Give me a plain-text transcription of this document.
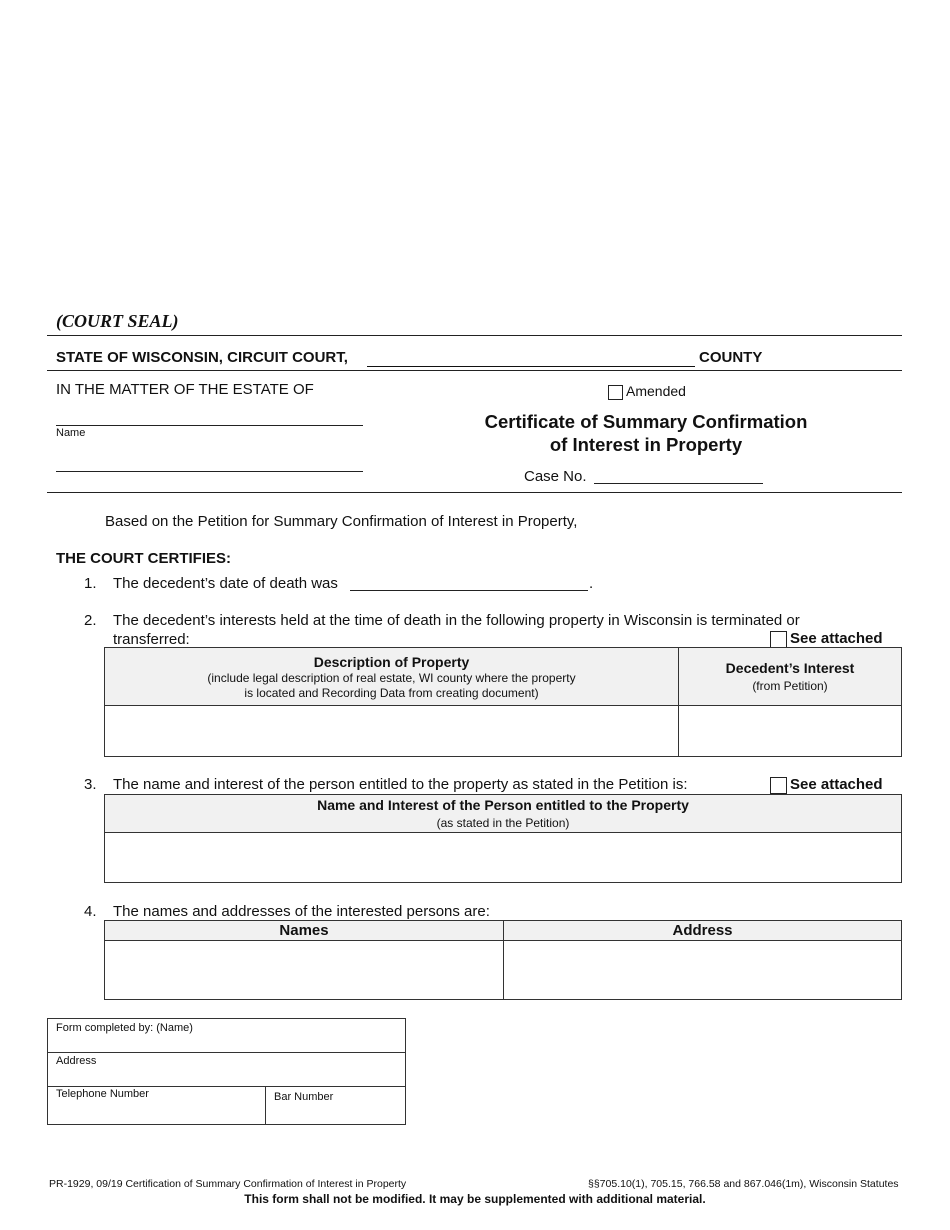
(COURT SEAL)
STATE OF WISCONSIN, CIRCUIT COURT,	COUNTY
IN THE MATTER OF THE ESTATE OF
Name
Amended
Certificate of Summary Confirmation
of Interest in Property
Case No.
Based on the Petition for Summary Confirmation of Interest in Property,
THE COURT CERTIFIES:
1. The decedent’s date of death was	.
2. The decedent’s interests held at the time of death in the following property in Wisconsin is terminated or
transferred:	See attached
Description of Property
(include legal description of real estate, WI county where the property
is located and Recording Data from creating document)
Decedent’s Interest
(from Petition)
3. The name and interest of the person entitled to the property as stated in the Petition is:	See attached
Name and Interest of the Person entitled to the Property
(as stated in the Petition)
4. The names and addresses of the interested persons are:
Names	Address
Form completed by: (Name)
Address
Telephone Number	Bar Number
PR-1929, 09/19 Certification of Summary Confirmation of Interest in Property	§§705.10(1), 705.15, 766.58 and 867.046(1m), Wisconsin Statutes
This form shall not be modified. It may be supplemented with additional material.
